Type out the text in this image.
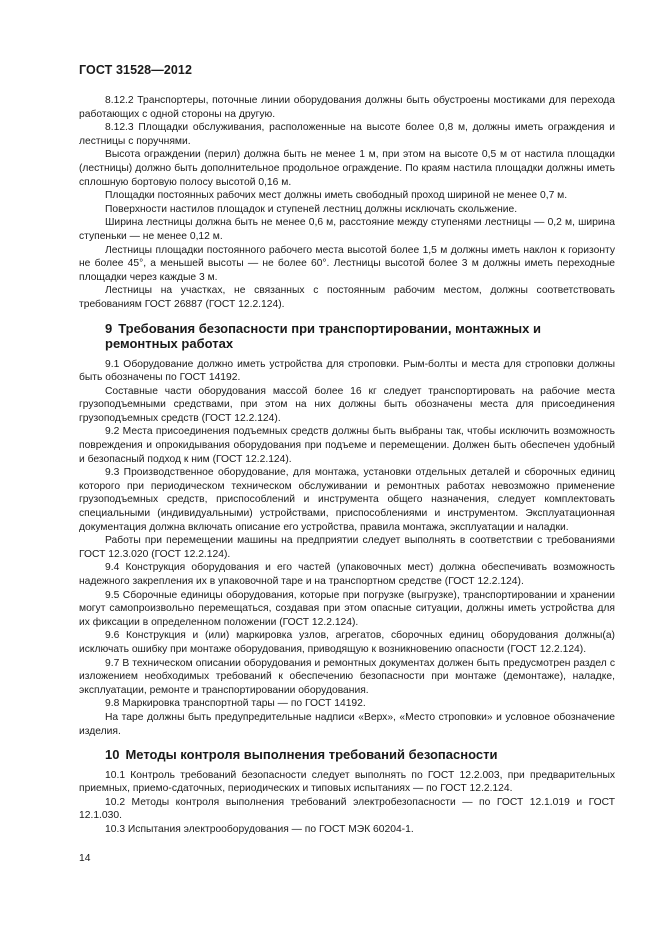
ГОСТ 31528—2012

8.12.2 Транспортеры, поточные линии оборудования должны быть обустроены мостиками для перехода работающих с одной стороны на другую.

8.12.3 Площадки обслуживания, расположенные на высоте более 0,8 м, должны иметь ограждения и лестницы с поручнями.

Высота ограждении (перил) должна быть не менее 1 м, при этом на высоте 0,5 м от настила площадки (лестницы) должно быть дополнительное продольное ограждение. По краям настила площадки должны иметь сплошную бортовую полосу высотой 0,16 м.

Площадки постоянных рабочих мест должны иметь свободный проход шириной не менее 0,7 м.

Поверхности настилов площадок и ступеней лестниц должны исключать скольжение.

Ширина лестницы должна быть не менее 0,6 м, расстояние между ступенями лестницы — 0,2 м, ширина ступеньки — не менее 0,12 м.

Лестницы площадки постоянного рабочего места высотой более 1,5 м должны иметь наклон к горизонту не более 45°, а меньшей высоты — не более 60°. Лестницы высотой более 3 м должны иметь переходные площадки через каждые 3 м.

Лестницы на участках, не связанных с постоянным рабочим местом, должны соответствовать требованиям ГОСТ 26887 (ГОСТ 12.2.124).

9 Требования безопасности при транспортировании, монтажных и ремонтных работах

9.1 Оборудование должно иметь устройства для строповки. Рым-болты и места для строповки должны быть обозначены по ГОСТ 14192.

Составные части оборудования массой более 16 кг следует транспортировать на рабочие места грузоподъемными средствами, при этом на них должны быть обозначены места для присоединения грузоподъемных средств (ГОСТ 12.2.124).

9.2 Места присоединения подъемных средств должны быть выбраны так, чтобы исключить возможность повреждения и опрокидывания оборудования при подъеме и перемещении. Должен быть обеспечен удобный и безопасный подход к ним (ГОСТ 12.2.124).

9.3 Производственное оборудование, для монтажа, установки отдельных деталей и сборочных единиц которого при периодическом техническом обслуживании и ремонтных работах невозможно применение грузоподъемных средств, приспособлений и инструмента общего назначения, следует комплектовать специальными (индивидуальными) устройствами, приспособлениями и инструментом. Эксплуатационная документация должна включать описание его устройства, правила монтажа, эксплуатации и наладки.

Работы при перемещении машины на предприятии следует выполнять в соответствии с требованиями ГОСТ 12.3.020 (ГОСТ 12.2.124).

9.4 Конструкция оборудования и его частей (упаковочных мест) должна обеспечивать возможность надежного закрепления их в упаковочной таре и на транспортном средстве (ГОСТ 12.2.124).

9.5 Сборочные единицы оборудования, которые при погрузке (выгрузке), транспортировании и хранении могут самопроизвольно перемещаться, создавая при этом опасные ситуации, должны иметь устройства для их фиксации в определенном положении (ГОСТ 12.2.124).

9.6 Конструкция и (или) маркировка узлов, агрегатов, сборочных единиц оборудования должны(а) исключать ошибку при монтаже оборудования, приводящую к возникновению опасности (ГОСТ 12.2.124).

9.7 В техническом описании оборудования и ремонтных документах должен быть предусмотрен раздел с изложением необходимых требований к обеспечению безопасности при монтаже (демонтаже), наладке, эксплуатации, ремонте и транспортировании оборудования.

9.8 Маркировка транспортной тары — по ГОСТ 14192.

На таре должны быть предупредительные надписи «Верх», «Место строповки» и условное обозначение изделия.

10 Методы контроля выполнения требований безопасности

10.1 Контроль требований безопасности следует выполнять по ГОСТ 12.2.003, при предварительных приемных, приемо-сдаточных, периодических и типовых испытаниях — по ГОСТ 12.2.124.

10.2 Методы контроля выполнения требований электробезопасности — по ГОСТ 12.1.019 и ГОСТ 12.1.030.

10.3 Испытания электрооборудования — по ГОСТ МЭК 60204-1.

14
